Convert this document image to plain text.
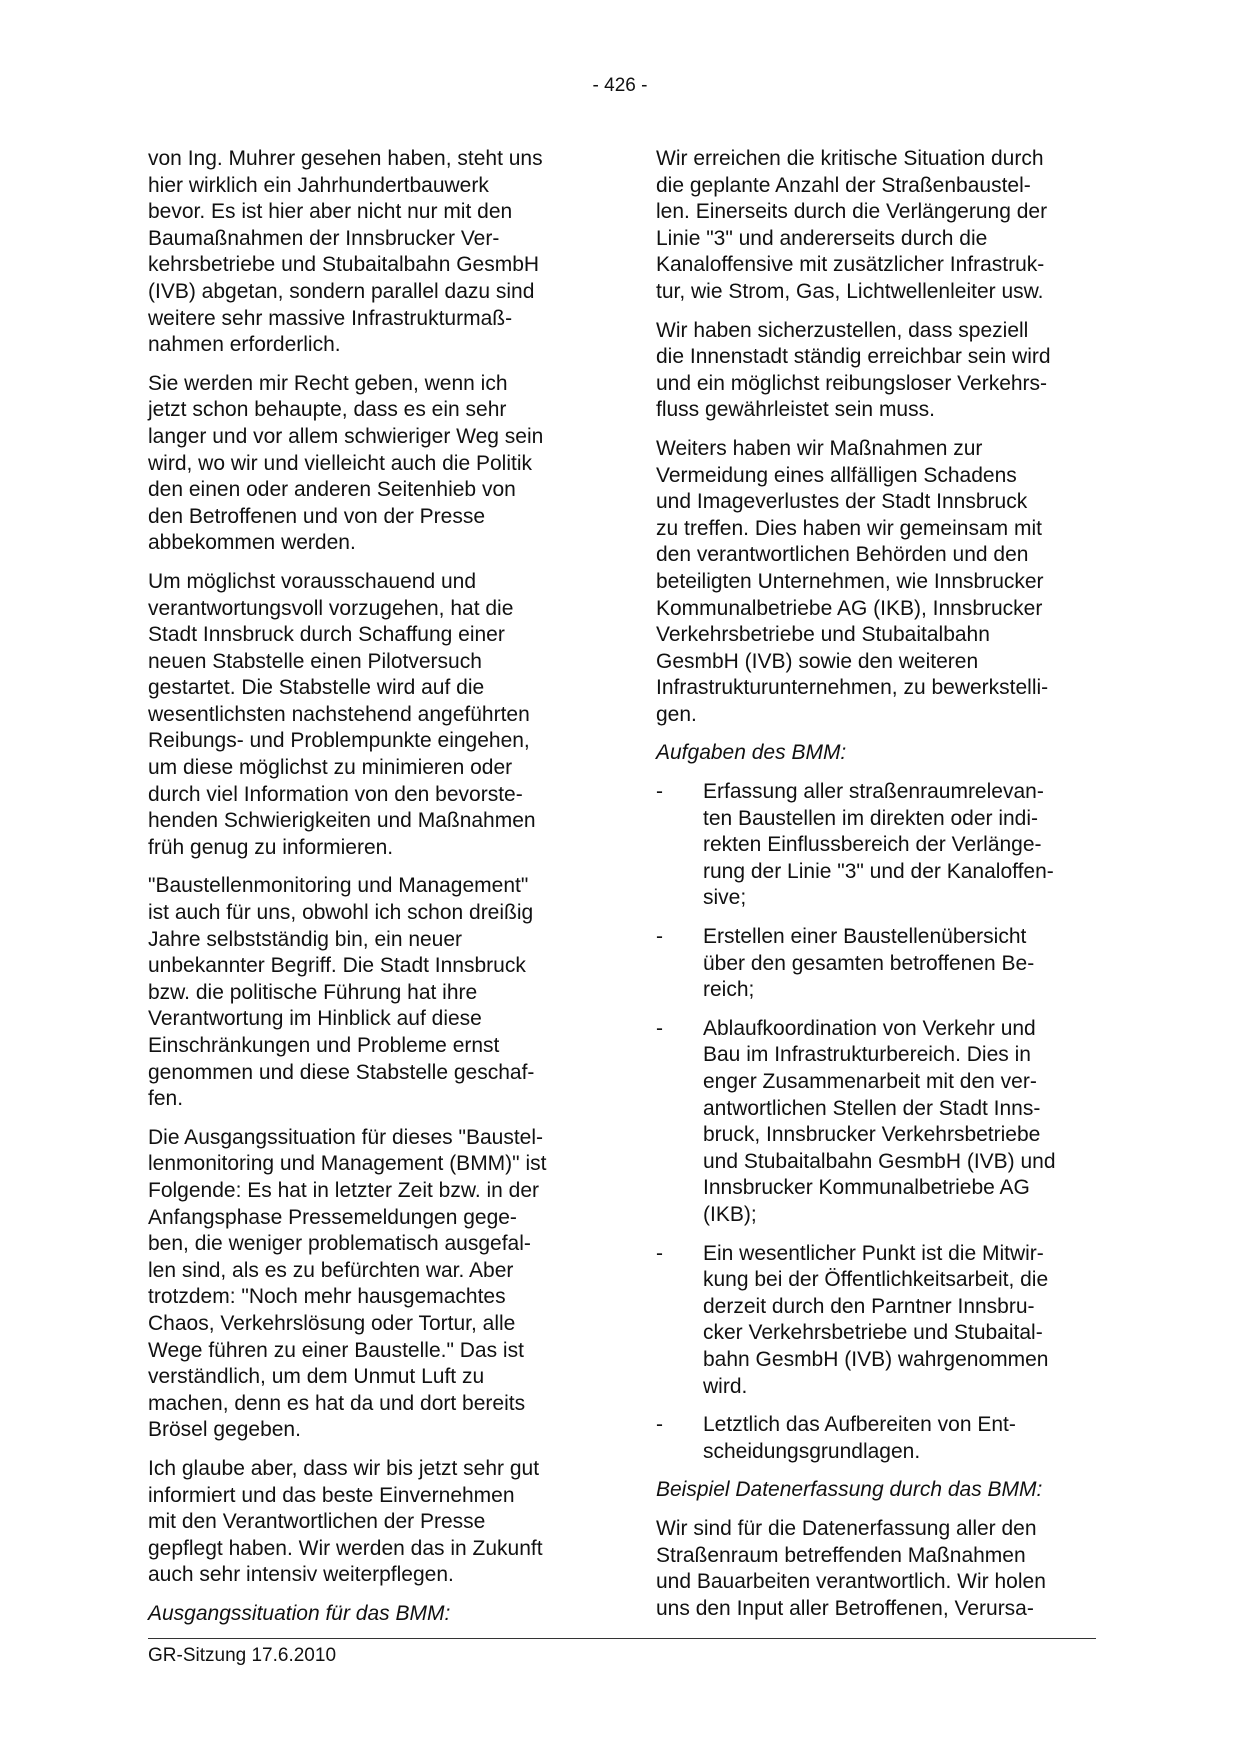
- 426 -

von Ing. Muhrer gesehen haben, steht uns
hier wirklich ein Jahrhundertbauwerk
bevor. Es ist hier aber nicht nur mit den
Baumaßnahmen der Innsbrucker Ver-
kehrsbetriebe und Stubaitalbahn GesmbH
(IVB) abgetan, sondern parallel dazu sind
weitere sehr massive Infrastrukturmaß-
nahmen erforderlich.

Sie werden mir Recht geben, wenn ich
jetzt schon behaupte, dass es ein sehr
langer und vor allem schwieriger Weg sein
wird, wo wir und vielleicht auch die Politik
den einen oder anderen Seitenhieb von
den Betroffenen und von der Presse
abbekommen werden.

Um möglichst vorausschauend und
verantwortungsvoll vorzugehen, hat die
Stadt Innsbruck durch Schaffung einer
neuen Stabstelle einen Pilotversuch
gestartet. Die Stabstelle wird auf die
wesentlichsten nachstehend angeführten
Reibungs- und Problempunkte eingehen,
um diese möglichst zu minimieren oder
durch viel Information von den bevorste-
henden Schwierigkeiten und Maßnahmen
früh genug zu informieren.

"Baustellenmonitoring und Management"
ist auch für uns, obwohl ich schon dreißig
Jahre selbstständig bin, ein neuer
unbekannter Begriff. Die Stadt Innsbruck
bzw. die politische Führung hat ihre
Verantwortung im Hinblick auf diese
Einschränkungen und Probleme ernst
genommen und diese Stabstelle geschaf-
fen.

Die Ausgangssituation für dieses "Baustel-
lenmonitoring und Management (BMM)" ist
Folgende: Es hat in letzter Zeit bzw. in der
Anfangsphase Pressemeldungen gege-
ben, die weniger problematisch ausgefal-
len sind, als es zu befürchten war. Aber
trotzdem: "Noch mehr hausgemachtes
Chaos, Verkehrslösung oder Tortur, alle
Wege führen zu einer Baustelle." Das ist
verständlich, um dem Unmut Luft zu
machen, denn es hat da und dort bereits
Brösel gegeben.

Ich glaube aber, dass wir bis jetzt sehr gut
informiert und das beste Einvernehmen
mit den Verantwortlichen der Presse
gepflegt haben. Wir werden das in Zukunft
auch sehr intensiv weiterpflegen.

Ausgangssituation für das BMM:

Wir erreichen die kritische Situation durch
die geplante Anzahl der Straßenbaustel-
len. Einerseits durch die Verlängerung der
Linie "3" und andererseits durch die
Kanaloffensive mit zusätzlicher Infrastruk-
tur, wie Strom, Gas, Lichtwellenleiter usw.

Wir haben sicherzustellen, dass speziell
die Innenstadt ständig erreichbar sein wird
und ein möglichst reibungsloser Verkehrs-
fluss gewährleistet sein muss.

Weiters haben wir Maßnahmen zur
Vermeidung eines allfälligen Schadens
und Imageverlustes der Stadt Innsbruck
zu treffen. Dies haben wir gemeinsam mit
den verantwortlichen Behörden und den
beteiligten Unternehmen, wie Innsbrucker
Kommunalbetriebe AG (IKB), Innsbrucker
Verkehrsbetriebe und Stubaitalbahn
GesmbH (IVB) sowie den weiteren
Infrastrukturunternehmen, zu bewerkstelli-
gen.

Aufgaben des BMM:

- Erfassung aller straßenraumrelevan-
ten Baustellen im direkten oder indi-
rekten Einflussbereich der Verlänge-
rung der Linie "3" und der Kanaloffen-
sive;
- Erstellen einer Baustellenübersicht
über den gesamten betroffenen Be-
reich;
- Ablaufkoordination von Verkehr und
Bau im Infrastrukturbereich. Dies in
enger Zusammenarbeit mit den ver-
antwortlichen Stellen der Stadt Inns-
bruck, Innsbrucker Verkehrsbetriebe
und Stubaitalbahn GesmbH (IVB) und
Innsbrucker Kommunalbetriebe AG
(IKB);
- Ein wesentlicher Punkt ist die Mitwir-
kung bei der Öffentlichkeitsarbeit, die
derzeit durch den Parntner Innsbru-
cker Verkehrsbetriebe und Stubaital-
bahn GesmbH (IVB) wahrgenommen
wird.
- Letztlich das Aufbereiten von Ent-
scheidungsgrundlagen.

Beispiel Datenerfassung durch das BMM:

Wir sind für die Datenerfassung aller den
Straßenraum betreffenden Maßnahmen
und Bauarbeiten verantwortlich. Wir holen
uns den Input aller Betroffenen, Verursa-

GR-Sitzung 17.6.2010
